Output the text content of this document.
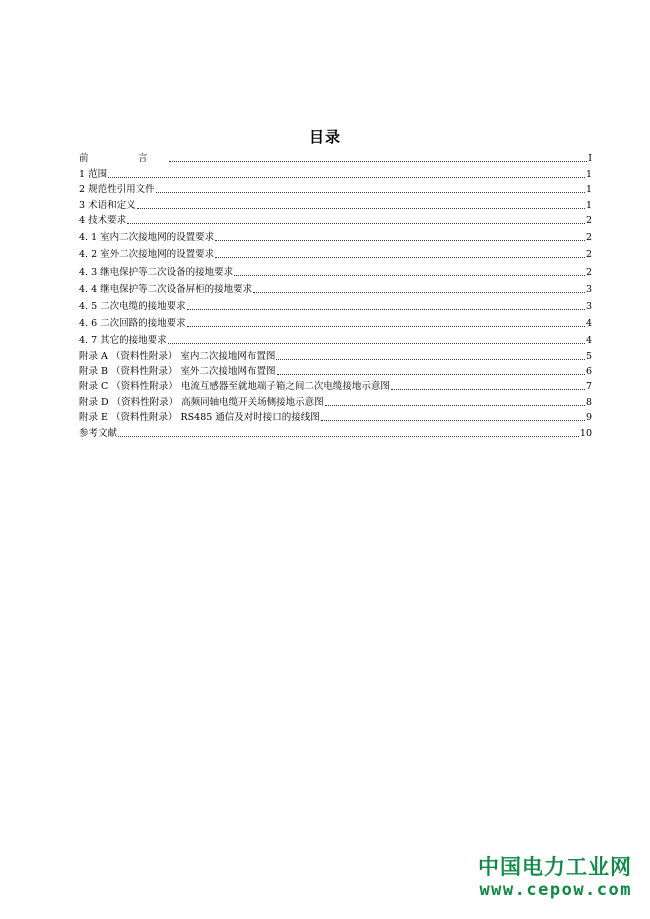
目录
前　言	I
1 范围	1
2 规范性引用文件	1
3 术语和定义	1
4 技术要求	2
4. 1 室内二次接地网的设置要求	2
4. 2 室外二次接地网的设置要求	2
4. 3 继电保护等二次设备的接地要求	2
4. 4 继电保护等二次设备屏柜的接地要求	3
4. 5 二次电缆的接地要求	3
4. 6 二次回路的接地要求	4
4. 7 其它的接地要求	4
附录 A （资料性附录） 室内二次接地网布置图	5
附录 B （资料性附录） 室外二次接地网布置图	6
附录 C （资料性附录） 电流互感器至就地端子箱之间二次电缆接地示意图	7
附录 D （资料性附录） 高频同轴电缆开关场侧接地示意图	8
附录 E （资料性附录） RS485 通信及对时接口的接线图	9
参考文献	10
中国电力工业网
www.cepow.com
